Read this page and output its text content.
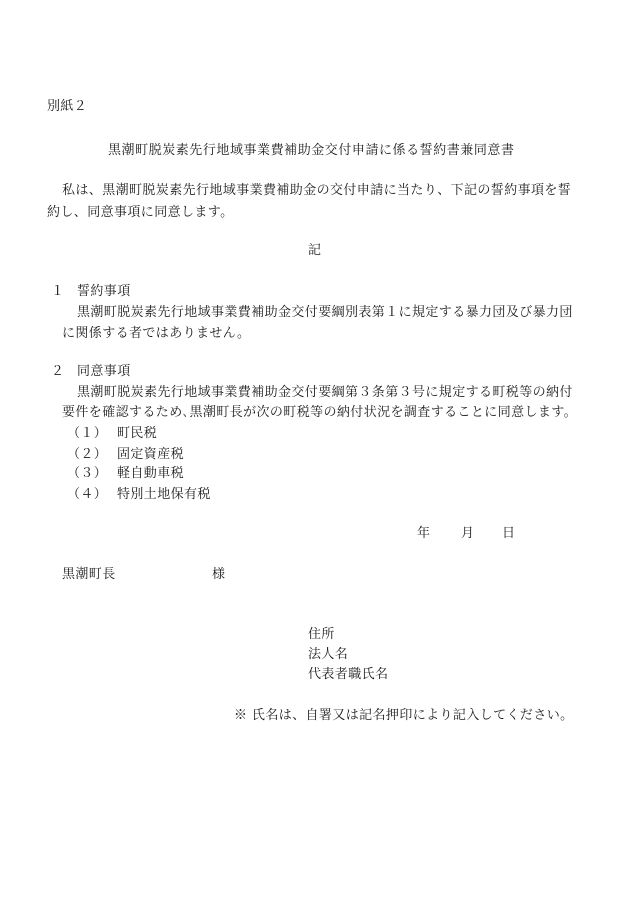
別紙２
黒潮町脱炭素先行地域事業費補助金交付申請に係る誓約書兼同意書
私は、黒潮町脱炭素先行地域事業費補助金の交付申請に当たり、下記の誓約事項を誓
約し、同意事項に同意します。
記
１ 誓約事項
黒潮町脱炭素先行地域事業費補助金交付要綱別表第１に規定する暴力団及び暴力団
に関係する者ではありません。
２ 同意事項
黒潮町脱炭素先行地域事業費補助金交付要綱第３条第３号に規定する町税等の納付
要件を確認するため､黒潮町長が次の町税等の納付状況を調査することに同意します。
（１） 町民税
（２） 固定資産税
（３） 軽自動車税
（４） 特別土地保有税
年 月 日
黒潮町長	様
住所
法人名
代表者職氏名
※ 氏名は、自署又は記名押印により記入してください。
